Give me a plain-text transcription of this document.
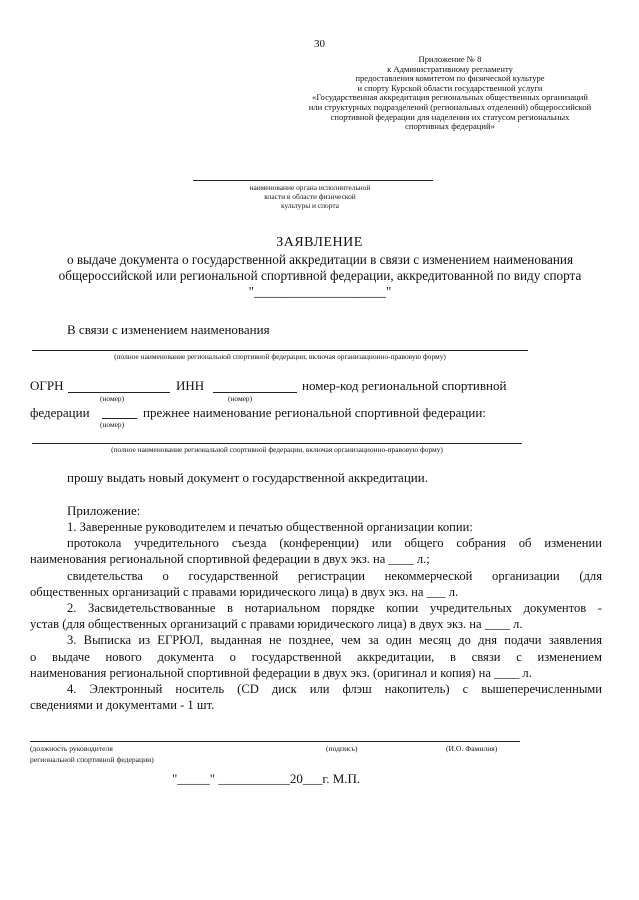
30
Приложение № 8
к Административному регламенту
предоставления комитетом по физической культуре
и спорту Курской области государственной услуги
«Государственная аккредитация региональных общественных организаций
или структурных подразделений (региональных отделений) общероссийской
спортивной федерации для наделения их статусом региональных
спортивных федераций»
наименование органа исполнительной
власти в области физической
культуры и спорта
ЗАЯВЛЕНИЕ
о выдаче документа о государственной аккредитации в связи с изменением наименования
общероссийской или региональной спортивной федерации, аккредитованной по виду спорта
"____________________"
В связи с изменением наименования
(полное наименование региональной спортивной федерации, включая организационно-правовую форму)
ОГРН
(номер)
ИНН
(номер)
номер-код региональной спортивной
федерации
(номер)
прежнее наименование региональной спортивной федерации:
(полное наименование региональной спортивной федерации, включая организационно-правовую форму)
прошу выдать новый документ о государственной аккредитации.
Приложение:
1. Заверенные руководителем и печатью общественной организации копии:
протокола учредительного съезда (конференции) или общего собрания об изменении
наименования региональной спортивной федерации в двух экз. на ____ л.;
свидетельства о государственной регистрации некоммерческой организации (для
общественных организаций с правами юридического лица) в двух экз. на ___ л.
2. Засвидетельствованные в нотариальном порядке копии учредительных документов -
устав (для общественных организаций с правами юридического лица) в двух экз. на ____ л.
3. Выписка из ЕГРЮЛ, выданная не позднее, чем за один месяц до дня подачи заявления
о выдаче нового документа о государственной аккредитации, в связи с изменением
наименования региональной спортивной федерации в двух экз. (оригинал и копия) на ____ л.
4. Электронный носитель (CD диск или флэш накопитель) с вышеперечисленными
сведениями и документами - 1 шт.
(должность руководителя
региональной спортивной федерации)
(подпись)	(И.О. Фамилия)
"_____" ___________20___г. М.П.
